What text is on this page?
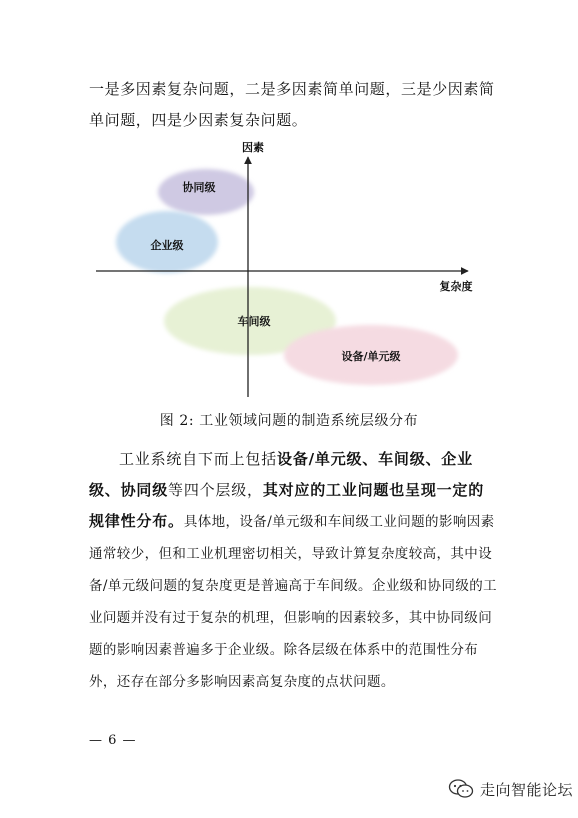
一是多因素复杂问题，二是多因素简单问题，三是少因素简单问题，四是少因素复杂问题。

因素
复杂度
协同级
企业级
车间级
设备/单元级

图 2: 工业领域问题的制造系统层级分布

工业系统自下而上包括设备/单元级、车间级、企业级、协同级等四个层级，其对应的工业问题也呈现一定的规律性分布。具体地，设备/单元级和车间级工业问题的影响因素通常较少，但和工业机理密切相关，导致计算复杂度较高，其中设备/单元级问题的复杂度更是普遍高于车间级。企业级和协同级的工业问题并没有过于复杂的机理，但影响的因素较多，其中协同级问题的影响因素普遍多于企业级。除各层级在体系中的范围性分布外，还存在部分多影响因素高复杂度的点状问题。

— 6 —
走向智能论坛
